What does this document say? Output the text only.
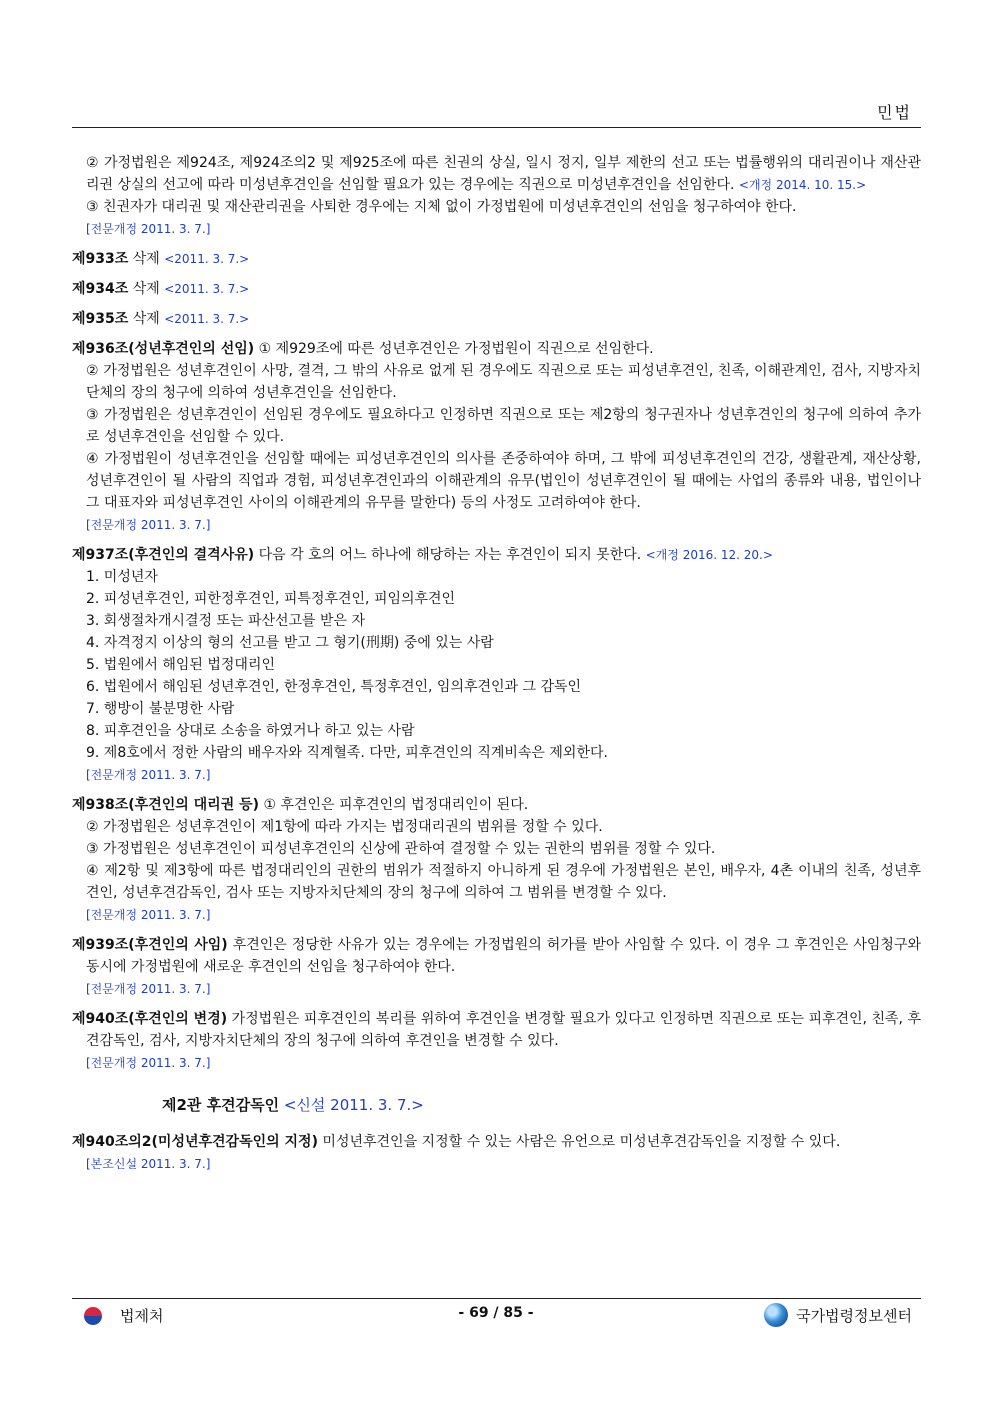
민법

② 가정법원은 제924조, 제924조의2 및 제925조에 따른 친권의 상실, 일시 정지, 일부 제한의 선고 또는 법률행위의 대리권이나 재산관리권 상실의 선고에 따라 미성년후견인을 선임할 필요가 있는 경우에는 직권으로 미성년후견인을 선임한다. <개정 2014. 10. 15.>

③ 친권자가 대리권 및 재산관리권을 사퇴한 경우에는 지체 없이 가정법원에 미성년후견인의 선임을 청구하여야 한다.

[전문개정 2011. 3. 7.]

제933조 삭제 <2011. 3. 7.>

제934조 삭제 <2011. 3. 7.>

제935조 삭제 <2011. 3. 7.>

제936조(성년후견인의 선임) ① 제929조에 따른 성년후견인은 가정법원이 직권으로 선임한다.

② 가정법원은 성년후견인이 사망, 결격, 그 밖의 사유로 없게 된 경우에도 직권으로 또는 피성년후견인, 친족, 이해관계인, 검사, 지방자치단체의 장의 청구에 의하여 성년후견인을 선임한다.

③ 가정법원은 성년후견인이 선임된 경우에도 필요하다고 인정하면 직권으로 또는 제2항의 청구권자나 성년후견인의 청구에 의하여 추가로 성년후견인을 선임할 수 있다.

④ 가정법원이 성년후견인을 선임할 때에는 피성년후견인의 의사를 존중하여야 하며, 그 밖에 피성년후견인의 건강, 생활관계, 재산상황, 성년후견인이 될 사람의 직업과 경험, 피성년후견인과의 이해관계의 유무(법인이 성년후견인이 될 때에는 사업의 종류와 내용, 법인이나 그 대표자와 피성년후견인 사이의 이해관계의 유무를 말한다) 등의 사정도 고려하여야 한다.

[전문개정 2011. 3. 7.]

제937조(후견인의 결격사유) 다음 각 호의 어느 하나에 해당하는 자는 후견인이 되지 못한다. <개정 2016. 12. 20.>

1. 미성년자

2. 피성년후견인, 피한정후견인, 피특정후견인, 피임의후견인

3. 회생절차개시결정 또는 파산선고를 받은 자

4. 자격정지 이상의 형의 선고를 받고 그 형기(刑期) 중에 있는 사람

5. 법원에서 해임된 법정대리인

6. 법원에서 해임된 성년후견인, 한정후견인, 특정후견인, 임의후견인과 그 감독인

7. 행방이 불분명한 사람

8. 피후견인을 상대로 소송을 하였거나 하고 있는 사람

9. 제8호에서 정한 사람의 배우자와 직계혈족. 다만, 피후견인의 직계비속은 제외한다.

[전문개정 2011. 3. 7.]

제938조(후견인의 대리권 등) ① 후견인은 피후견인의 법정대리인이 된다.

② 가정법원은 성년후견인이 제1항에 따라 가지는 법정대리권의 범위를 정할 수 있다.

③ 가정법원은 성년후견인이 피성년후견인의 신상에 관하여 결정할 수 있는 권한의 범위를 정할 수 있다.

④ 제2항 및 제3항에 따른 법정대리인의 권한의 범위가 적절하지 아니하게 된 경우에 가정법원은 본인, 배우자, 4촌 이내의 친족, 성년후견인, 성년후견감독인, 검사 또는 지방자치단체의 장의 청구에 의하여 그 범위를 변경할 수 있다.

[전문개정 2011. 3. 7.]

제939조(후견인의 사임) 후견인은 정당한 사유가 있는 경우에는 가정법원의 허가를 받아 사임할 수 있다. 이 경우 그 후견인은 사임청구와 동시에 가정법원에 새로운 후견인의 선임을 청구하여야 한다.

[전문개정 2011. 3. 7.]

제940조(후견인의 변경) 가정법원은 피후견인의 복리를 위하여 후견인을 변경할 필요가 있다고 인정하면 직권으로 또는 피후견인, 친족, 후견감독인, 검사, 지방자치단체의 장의 청구에 의하여 후견인을 변경할 수 있다.

[전문개정 2011. 3. 7.]

제2관 후견감독인 <신설 2011. 3. 7.>

제940조의2(미성년후견감독인의 지정) 미성년후견인을 지정할 수 있는 사람은 유언으로 미성년후견감독인을 지정할 수 있다.

[본조신설 2011. 3. 7.]

법제처	- 69 / 85 -	국가법령정보센터
